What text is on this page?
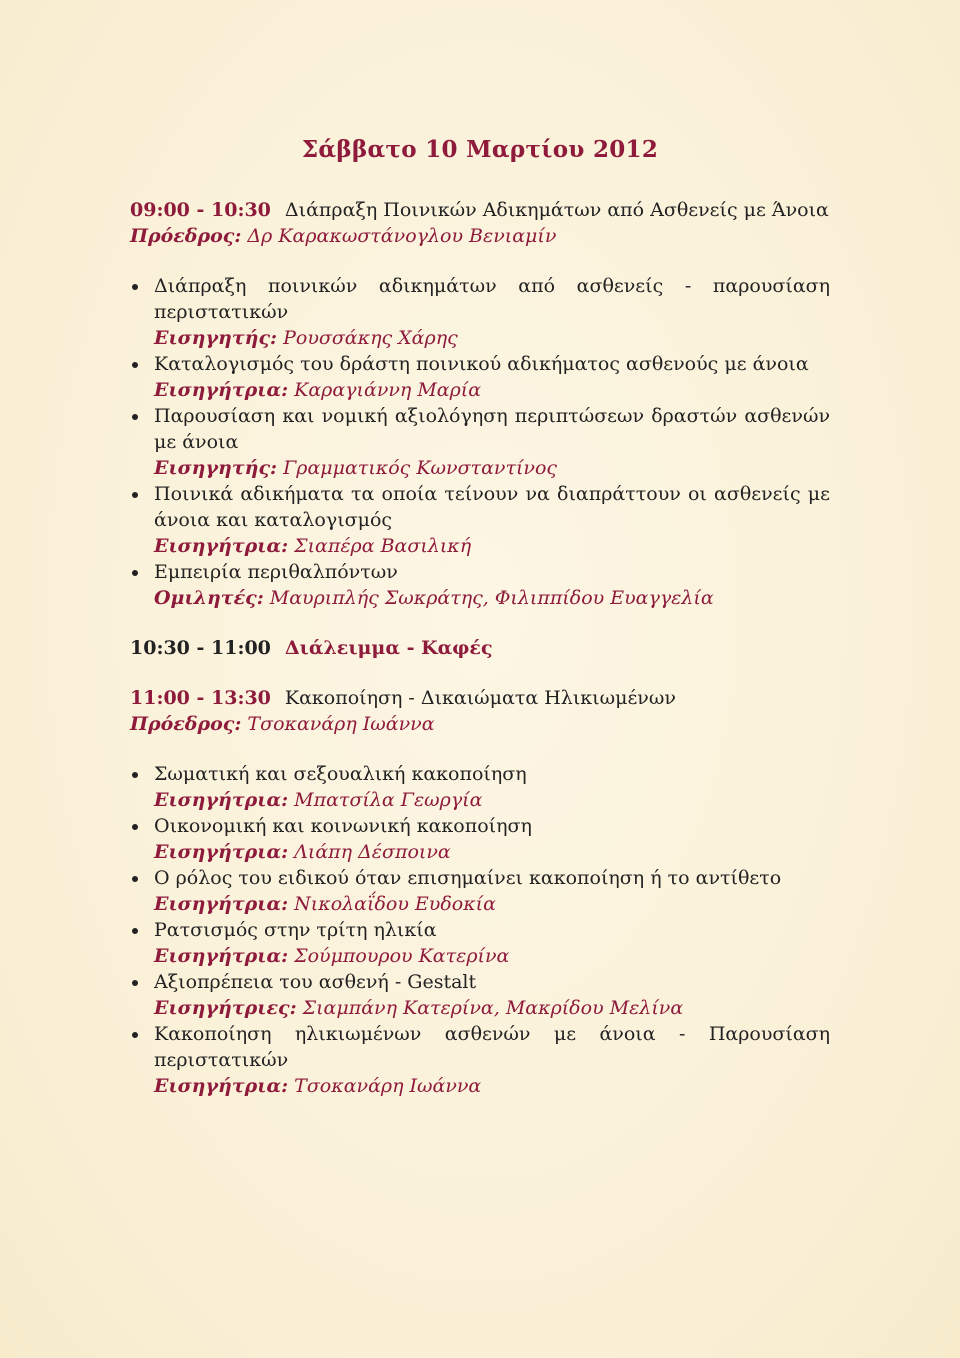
Σάββατο 10 Μαρτίου 2012
09:00 - 10:30 Διάπραξη Ποινικών Αδικημάτων από Ασθενείς με Άνοια
Πρόεδρος: Δρ Καρακωστάνογλου Βενιαμίν
Διάπραξη ποινικών αδικημάτων από ασθενείς - παρουσίαση περιστατικών
Εισηγητής: Ρουσσάκης Χάρης
Καταλογισμός του δράστη ποινικού αδικήματος ασθενούς με άνοια
Εισηγήτρια: Καραγιάννη Μαρία
Παρουσίαση και νομική αξιολόγηση περιπτώσεων δραστών ασθενών με άνοια
Εισηγητής: Γραμματικός Κωνσταντίνος
Ποινικά αδικήματα τα οποία τείνουν να διαπράττουν οι ασθενείς με άνοια και καταλογισμός
Εισηγήτρια: Σιαπέρα Βασιλική
Εμπειρία περιθαλπόντων
Ομιλητές: Μαυριπλής Σωκράτης, Φιλιππίδου Ευαγγελία
10:30 - 11:00 Διάλειμμα - Καφές
11:00 - 13:30 Κακοποίηση - Δικαιώματα Ηλικιωμένων
Πρόεδρος: Τσοκανάρη Ιωάννα
Σωματική και σεξουαλική κακοποίηση
Εισηγήτρια: Μπατσίλα Γεωργία
Οικονομική και κοινωνική κακοποίηση
Εισηγήτρια: Λιάπη Δέσποινα
Ο ρόλος του ειδικού όταν επισημαίνει κακοποίηση ή το αντίθετο
Εισηγήτρια: Νικολαΐδου Ευδοκία
Ρατσισμός στην τρίτη ηλικία
Εισηγήτρια: Σούμπουρου Κατερίνα
Αξιοπρέπεια του ασθενή - Gestalt
Εισηγήτριες: Σιαμπάνη Κατερίνα, Μακρίδου Μελίνα
Κακοποίηση ηλικιωμένων ασθενών με άνοια - Παρουσίαση περιστατικών
Εισηγήτρια: Τσοκανάρη Ιωάννα
